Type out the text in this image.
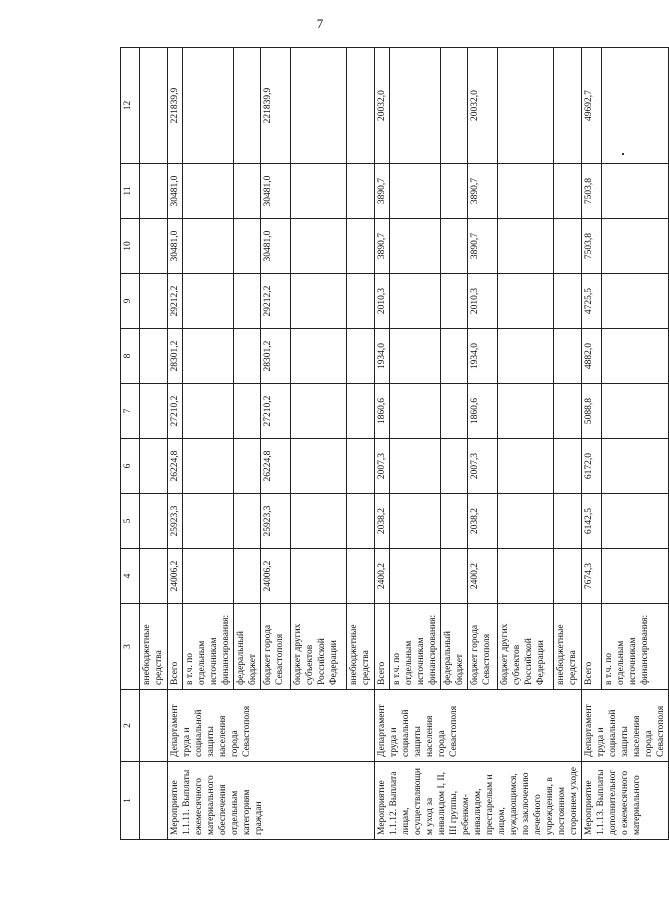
7
1	2	3	4	5	6	7	8	9	10	11	12
		внебюджетные средства									
Мероприятие 1.1.11. Выплаты ежемесячного материального обеспечения отдельным категориям граждан	Департамент труда и социальной защиты населения города Севастополя	Всего	24006,2	25923,3	26224,8	27210,2	28301,2	29212,2	30481,0	30481,0	221839,9
		в т.ч. по отдельным источникам финансирования:									
		федеральный бюджет									
		бюджет города Севастополя	24006,2	25923,3	26224,8	27210,2	28301,2	29212,2	30481,0	30481,0	221839,9
		бюджет других субъектов Российской Федерации									
		внебюджетные средства									
Мероприятие 1.1.12. Выплата лицам, осуществляющим уход за инвалидом I, II, III группы, ребенком-инвалидом, престарелым и лицом, нуждающимся, по заключению лечебного учреждения, в постоянном стороннем уходе	Департамент труда и социальной защиты населения города Севастополя	Всего	2400,2	2038,2	2007,3	1860,6	1934,0	2010,3	3890,7	3890,7	20032,0
		в т.ч. по отдельным источникам финансирования:									
		федеральный бюджет									
		бюджет города Севастополя	2400,2	2038,2	2007,3	1860,6	1934,0	2010,3	3890,7	3890,7	20032,0
		бюджет других субъектов Российской Федерации									
		внебюджетные средства									
Мероприятие 1.1.13. Выплаты дополнительного ежемесячного материального	Департамент труда и социальной защиты населения города Севастополя	Всего	7674,3	6142,5	6172,0	5088,8	4882,0	4725,5	7503,8	7503,8	49692,7
		в т.ч. по отдельным источникам финансирования:									
